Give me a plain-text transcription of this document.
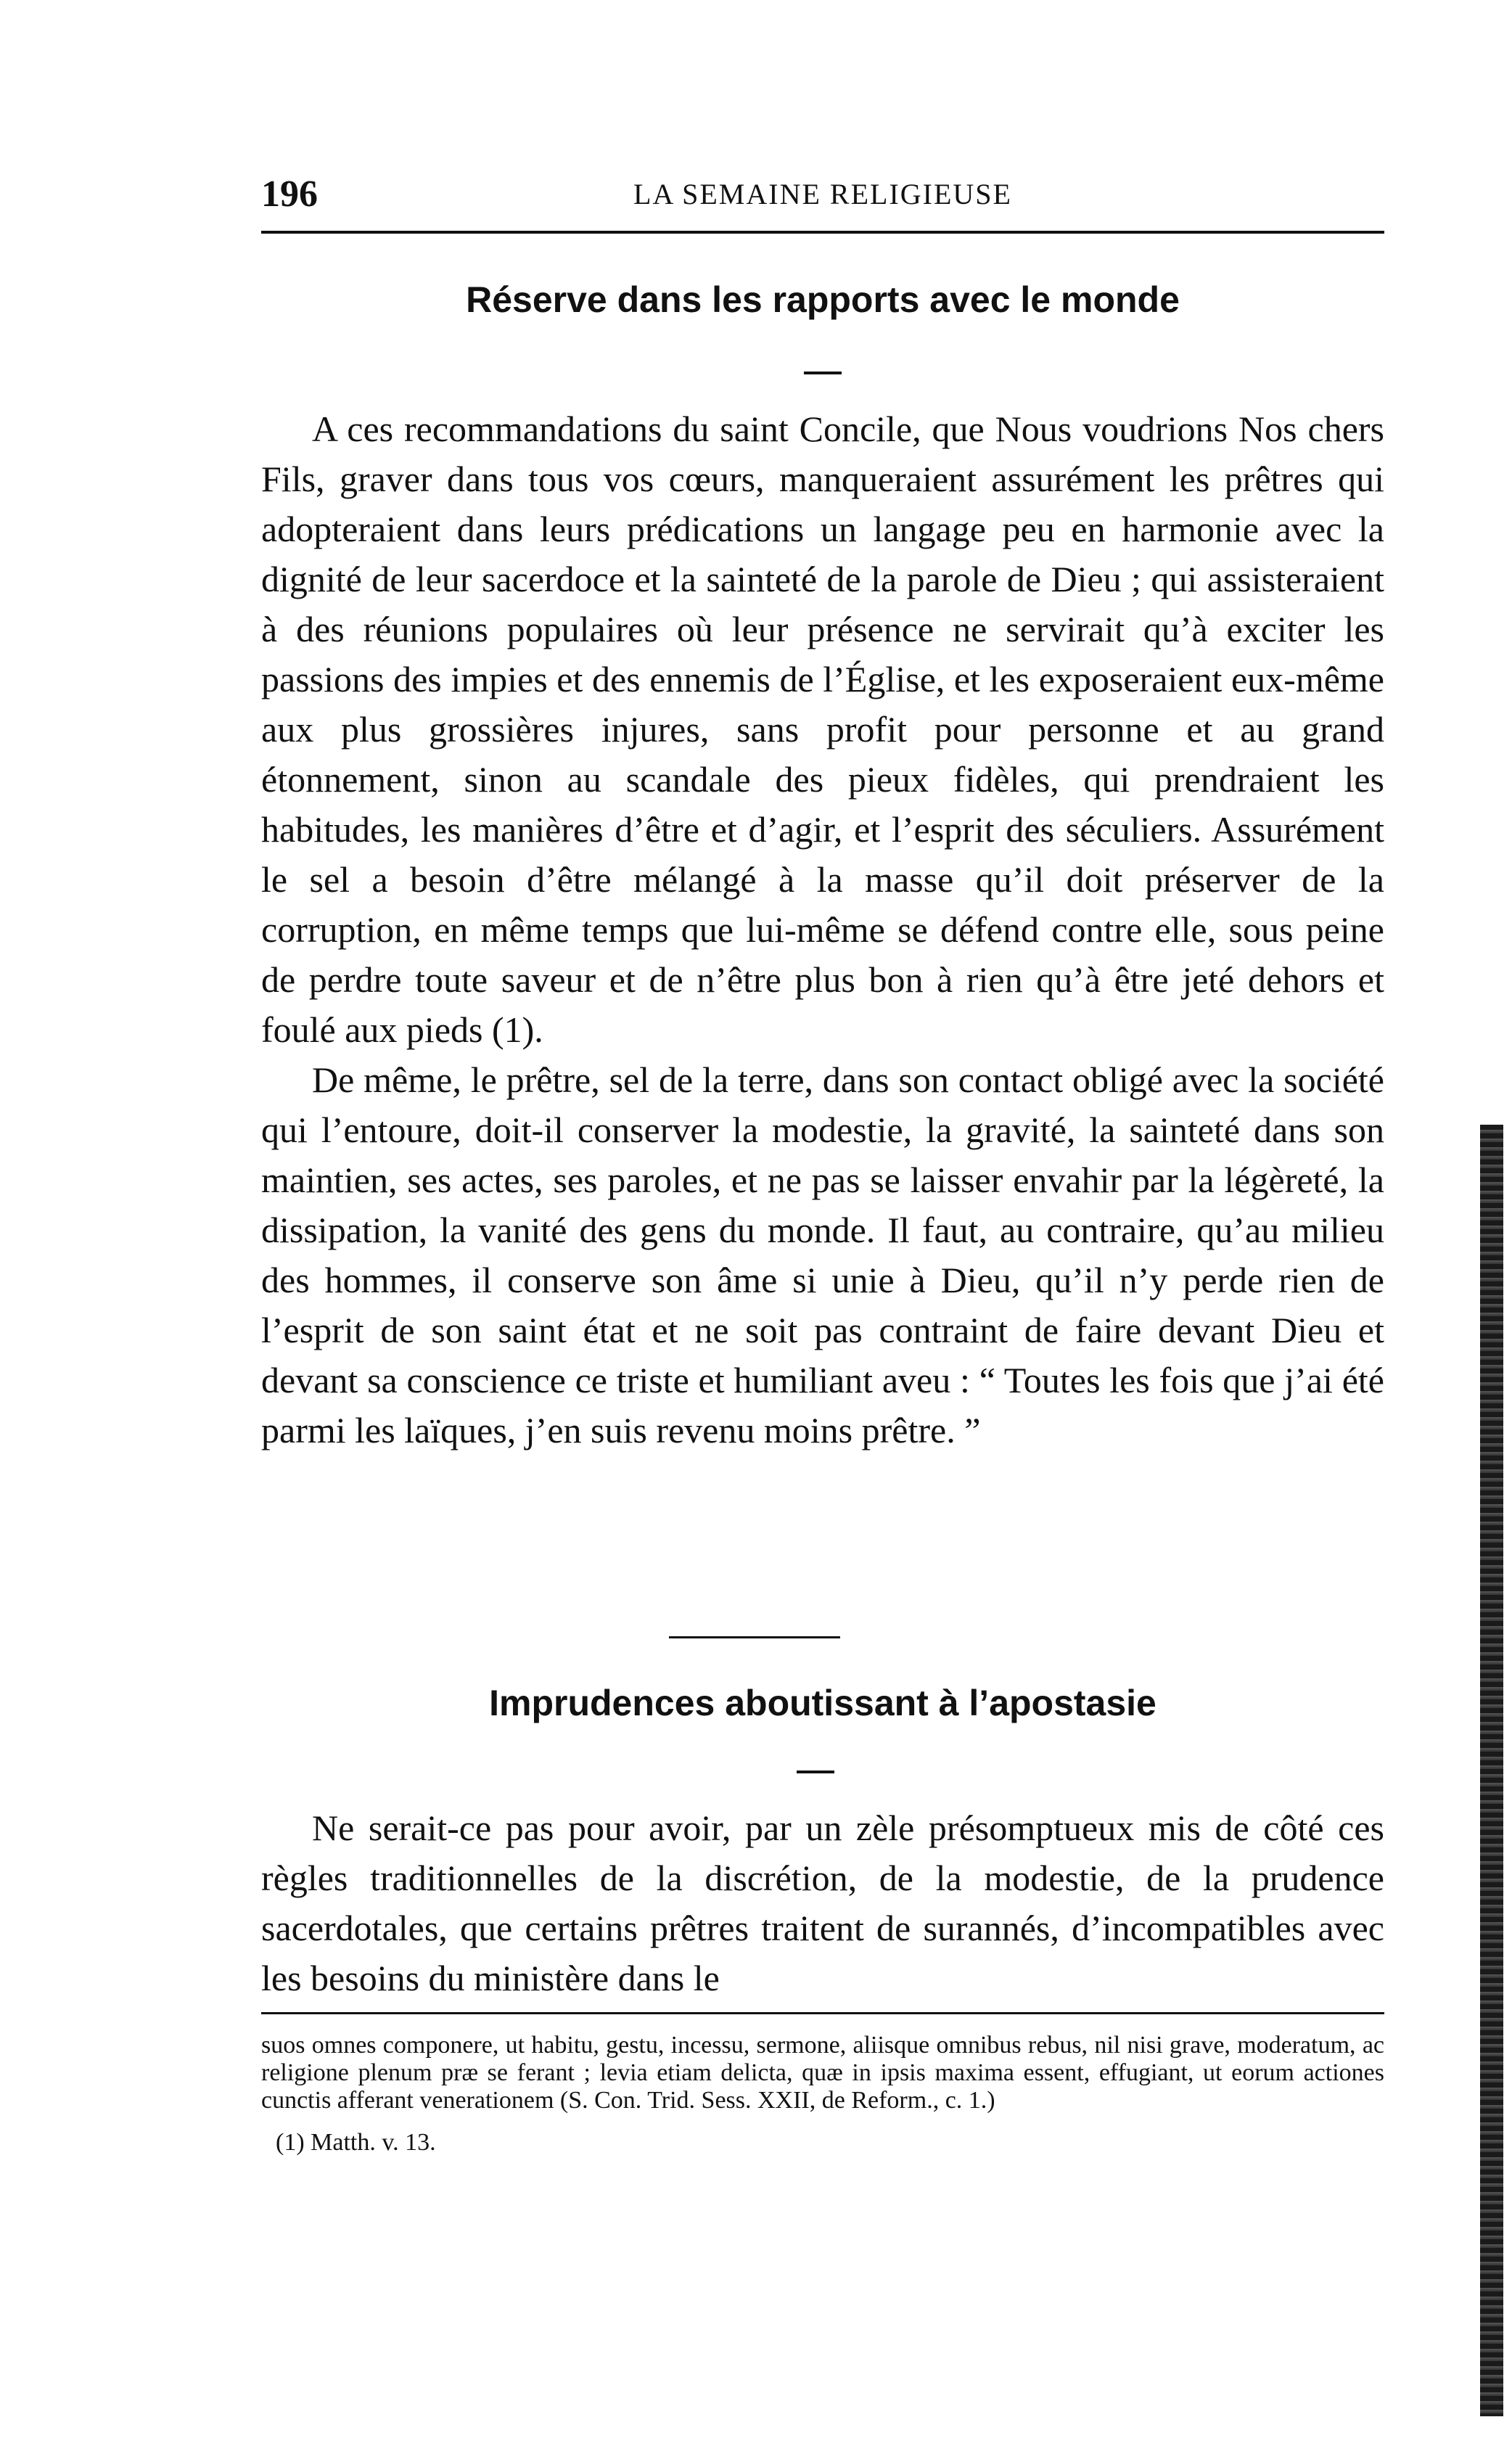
196	LA SEMAINE RELIGIEUSE
Réserve dans les rapports avec le monde

A ces recommandations du saint Concile, que Nous voudrions Nos chers Fils, graver dans tous vos cœurs, manqueraient assurément les prêtres qui adopteraient dans leurs prédications un langage peu en harmonie avec la dignité de leur sacerdoce et la sainteté de la parole de Dieu ; qui assisteraient à des réunions populaires où leur présence ne servirait qu’à exciter les passions des impies et des ennemis de l’Église, et les exposeraient eux-même aux plus grossières injures, sans profit pour personne et au grand étonnement, sinon au scandale des pieux fidèles, qui prendraient les habitudes, les manières d’être et d’agir, et l’esprit des séculiers. Assurément le sel a besoin d’être mélangé à la masse qu’il doit préserver de la corruption, en même temps que lui-même se défend contre elle, sous peine de perdre toute saveur et de n’être plus bon à rien qu’à être jeté dehors et foulé aux pieds (1).

De même, le prêtre, sel de la terre, dans son contact obligé avec la société qui l’entoure, doit-il conserver la modestie, la gravité, la sainteté dans son maintien, ses actes, ses paroles, et ne pas se laisser envahir par la légèreté, la dissipation, la vanité des gens du monde. Il faut, au contraire, qu’au milieu des hommes, il conserve son âme si unie à Dieu, qu’il n’y perde rien de l’esprit de son saint état et ne soit pas contraint de faire devant Dieu et devant sa conscience ce triste et humiliant aveu : “ Toutes les fois que j’ai été parmi les laïques, j’en suis revenu moins prêtre. ”

Imprudences aboutissant à l’apostasie

Ne serait-ce pas pour avoir, par un zèle présomptueux mis de côté ces règles traditionnelles de la discrétion, de la modestie, de la prudence sacerdotales, que certains prêtres traitent de surannés, d’incompatibles avec les besoins du ministère dans le

suos omnes componere, ut habitu, gestu, incessu, sermone, aliisque omnibus rebus, nil nisi grave, moderatum, ac religione plenum præ se ferant ; levia etiam delicta, quæ in ipsis maxima essent, effugiant, ut eorum actiones cunctis afferant venerationem (S. Con. Trid. Sess. XXII, de Reform., c. 1.)

(1) Matth. v. 13.
